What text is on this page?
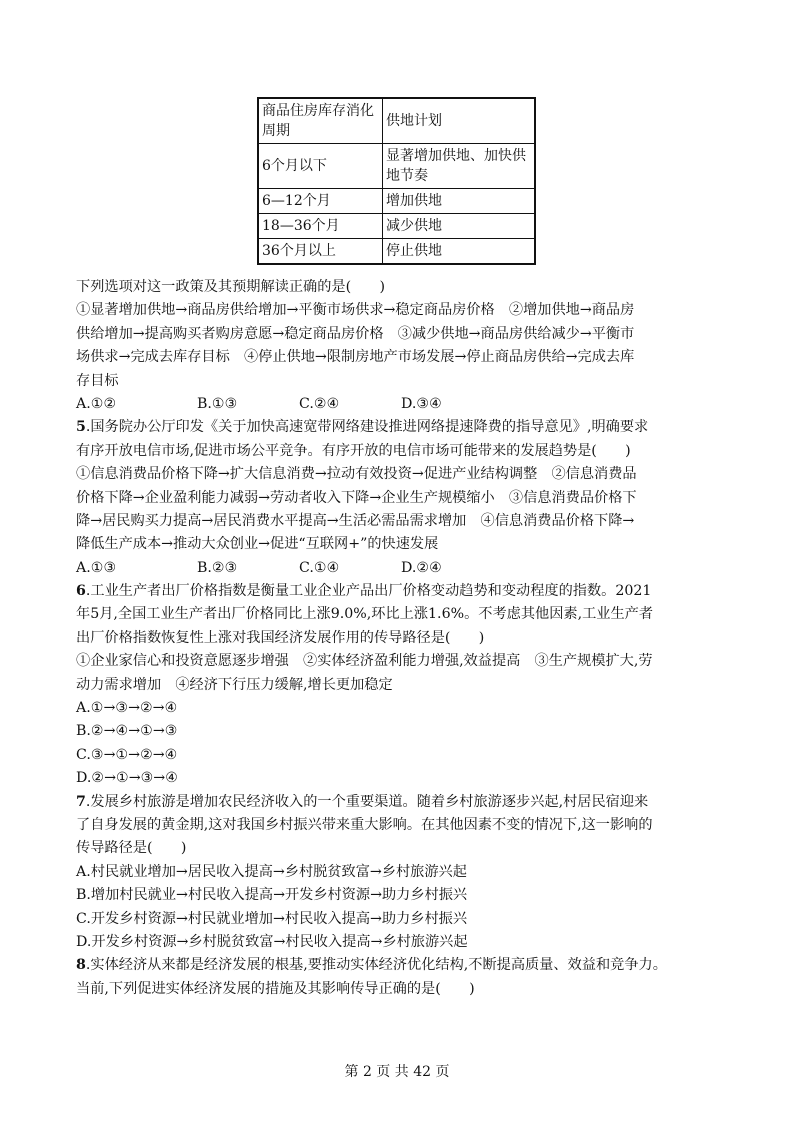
商品住房库存消化周期	供地计划
6个月以下	显著增加供地、加快供地节奏
6—12个月	增加供地
18—36个月	减少供地
36个月以上	停止供地
下列选项对这一政策及其预期解读正确的是(　　)
①显著增加供地→商品房供给增加→平衡市场供求→稳定商品房价格　②增加供地→商品房
供给增加→提高购买者购房意愿→稳定商品房价格　③减少供地→商品房供给减少→平衡市
场供求→完成去库存目标　④停止供地→限制房地产市场发展→停止商品房供给→完成去库
存目标
A.①②	B.①③	C.②④	D.③④
5.国务院办公厅印发《关于加快高速宽带网络建设推进网络提速降费的指导意见》,明确要求
有序开放电信市场,促进市场公平竞争。有序开放的电信市场可能带来的发展趋势是(　　)
①信息消费品价格下降→扩大信息消费→拉动有效投资→促进产业结构调整　②信息消费品
价格下降→企业盈利能力减弱→劳动者收入下降→企业生产规模缩小　③信息消费品价格下
降→居民购买力提高→居民消费水平提高→生活必需品需求增加　④信息消费品价格下降→
降低生产成本→推动大众创业→促进“互联网+”的快速发展
A.①③	B.②③	C.①④	D.②④
6.工业生产者出厂价格指数是衡量工业企业产品出厂价格变动趋势和变动程度的指数。2021
年5月,全国工业生产者出厂价格同比上涨9.0%,环比上涨1.6%。不考虑其他因素,工业生产者
出厂价格指数恢复性上涨对我国经济发展作用的传导路径是(　　)
①企业家信心和投资意愿逐步增强　②实体经济盈利能力增强,效益提高　③生产规模扩大,劳
动力需求增加　④经济下行压力缓解,增长更加稳定
A.①→③→②→④
B.②→④→①→③
C.③→①→②→④
D.②→①→③→④
7.发展乡村旅游是增加农民经济收入的一个重要渠道。随着乡村旅游逐步兴起,村居民宿迎来
了自身发展的黄金期,这对我国乡村振兴带来重大影响。在其他因素不变的情况下,这一影响的
传导路径是(　　)
A.村民就业增加→居民收入提高→乡村脱贫致富→乡村旅游兴起
B.增加村民就业→村民收入提高→开发乡村资源→助力乡村振兴
C.开发乡村资源→村民就业增加→村民收入提高→助力乡村振兴
D.开发乡村资源→乡村脱贫致富→村民收入提高→乡村旅游兴起
8.实体经济从来都是经济发展的根基,要推动实体经济优化结构,不断提高质量、效益和竞争力。
当前,下列促进实体经济发展的措施及其影响传导正确的是(　　)
第 2 页 共 42 页
